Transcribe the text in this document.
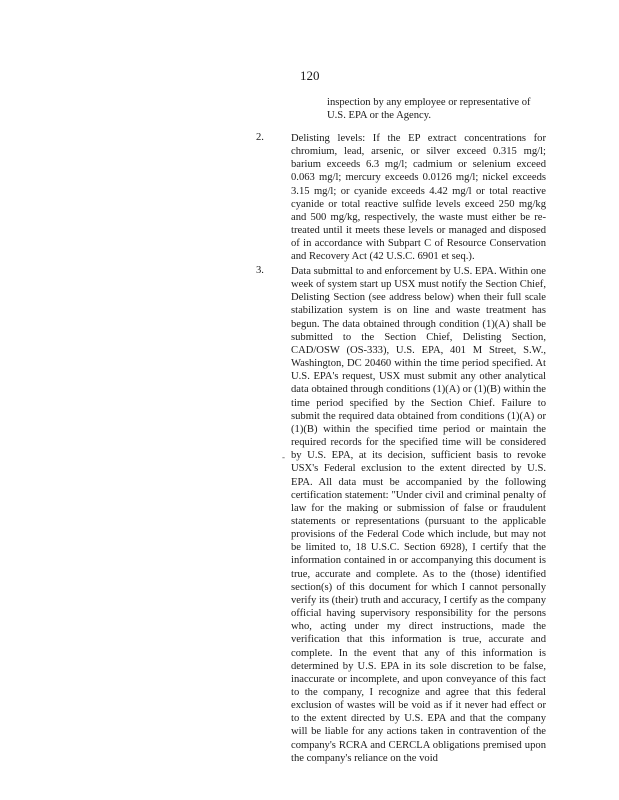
120
inspection by any employee or representative of U.S. EPA or the Agency.
2.	Delisting levels: If the EP extract concentrations for chromium, lead, arsenic, or silver exceed 0.315 mg/l; barium exceeds 6.3 mg/l; cadmium or selenium exceed 0.063 mg/l; mercury exceeds 0.0126 mg/l; nickel exceeds 3.15 mg/l; or cyanide exceeds 4.42 mg/l or total reactive cyanide or total reactive sulfide levels exceed 250 mg/kg and 500 mg/kg, respectively, the waste must either be re-treated until it meets these levels or managed and disposed of in accordance with Subpart C of Resource Conservation and Recovery Act (42 U.S.C. 6901 et seq.).

3.	Data submittal to and enforcement by U.S. EPA. Within one week of system start up USX must notify the Section Chief, Delisting Section (see address below) when their full scale stabilization system is on line and waste treatment has begun. The data obtained through condition (1)(A) shall be submitted to the Section Chief, Delisting Section, CAD/OSW (OS-333), U.S. EPA, 401 M Street, S.W., Washington, DC 20460 within the time period specified. At U.S. EPA's request, USX must submit any other analytical data obtained through conditions (1)(A) or (1)(B) within the time period specified by the Section Chief. Failure to submit the required data obtained from conditions (1)(A) or (1)(B) within the specified time period or maintain the required records for the specified time will be considered by U.S. EPA, at its decision, sufficient basis to revoke USX's Federal exclusion to the extent directed by U.S. EPA. All data must be accompanied by the following certification statement: "Under civil and criminal penalty of law for the making or submission of false or fraudulent statements or representations (pursuant to the applicable provisions of the Federal Code which include, but may not be limited to, 18 U.S.C. Section 6928), I certify that the information contained in or accompanying this document is true, accurate and complete. As to the (those) identified section(s) of this document for which I cannot personally verify its (their) truth and accuracy, I certify as the company official having supervisory responsibility for the persons who, acting under my direct instructions, made the verification that this information is true, accurate and complete. In the event that any of this information is determined by U.S. EPA in its sole discretion to be false, inaccurate or incomplete, and upon conveyance of this fact to the company, I recognize and agree that this federal exclusion of wastes will be void as if it never had effect or to the extent directed by U.S. EPA and that the company will be liable for any actions taken in contravention of the company's RCRA and CERCLA obligations premised upon the company's reliance on the void

-
